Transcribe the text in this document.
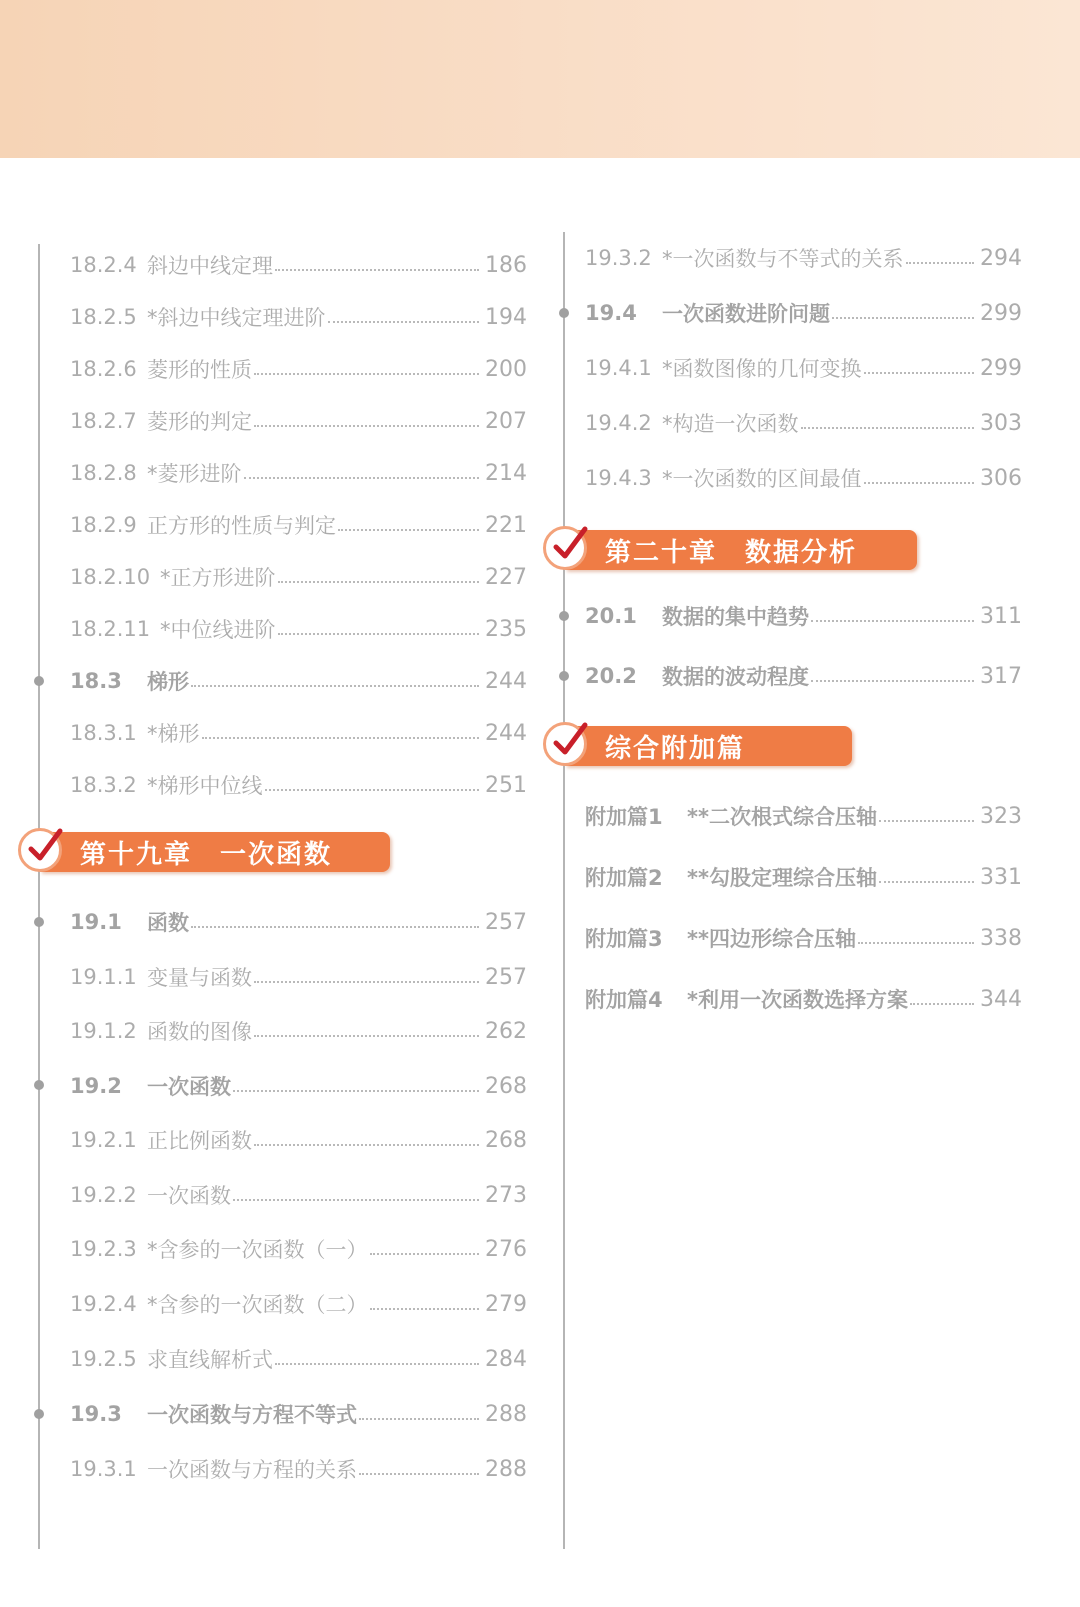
18.2.4 斜边中线定理	186
18.2.5 *斜边中线定理进阶	194
18.2.6 菱形的性质	200
18.2.7 菱形的判定	207
18.2.8 *菱形进阶	214
18.2.9 正方形的性质与判定	221
18.2.10 *正方形进阶	227
18.2.11 *中位线进阶	235
18.3	梯形	244
18.3.1 *梯形	244
18.3.2 *梯形中位线	251
第十九章　一次函数
19.1	函数	257
19.1.1 变量与函数	257
19.1.2 函数的图像	262
19.2	一次函数	268
19.2.1 正比例函数	268
19.2.2 一次函数	273
19.2.3 *含参的一次函数（一）	276
19.2.4 *含参的一次函数（二）	279
19.2.5 求直线解析式	284
19.3	一次函数与方程不等式	288
19.3.1 一次函数与方程的关系	288
19.3.2 *一次函数与不等式的关系	294
19.4	一次函数进阶问题	299
19.4.1 *函数图像的几何变换	299
19.4.2 *构造一次函数	303
19.4.3 *一次函数的区间最值	306
第二十章　数据分析
20.1	数据的集中趋势	311
20.2	数据的波动程度	317
综合附加篇
附加篇1	**二次根式综合压轴	323
附加篇2	**勾股定理综合压轴	331
附加篇3	**四边形综合压轴	338
附加篇4	*利用一次函数选择方案	344
